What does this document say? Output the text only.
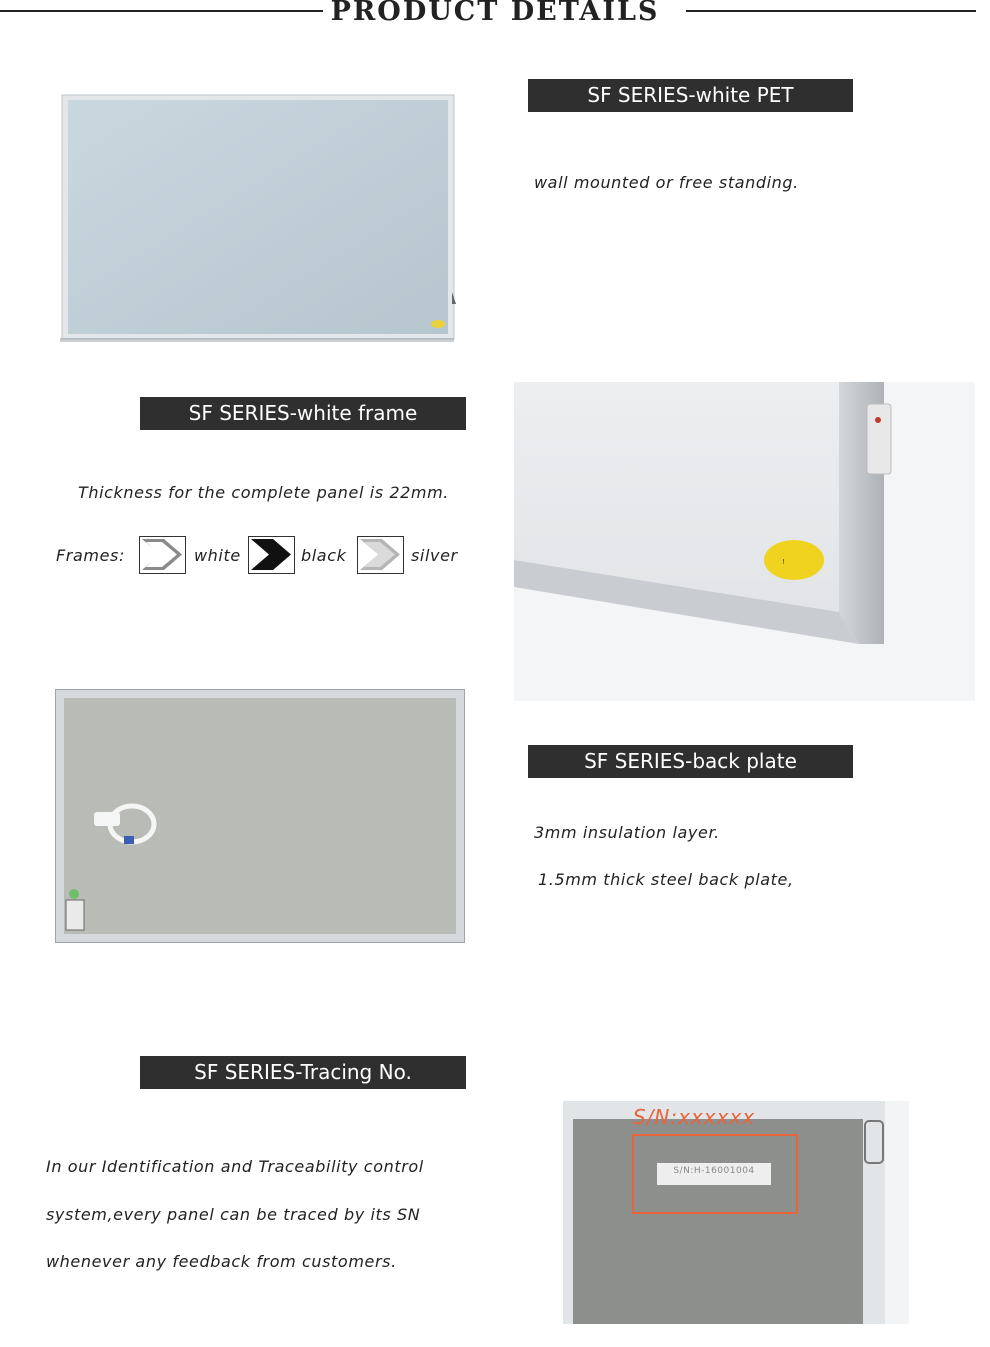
PRODUCT DETAILS
SF SERIES-white PET
wall mounted or free standing.
SF SERIES-white frame
Thickness for the complete panel is 22mm.
Frames:	white	black	silver	!
SF SERIES-back plate
3mm insulation layer.
1.5mm thick steel back plate,
SF SERIES-Tracing No.
In our Identification and Traceability control
system,every panel can be traced by its SN
whenever any feedback from customers.
S/N:H-16001004
S/N:xxxxxx
